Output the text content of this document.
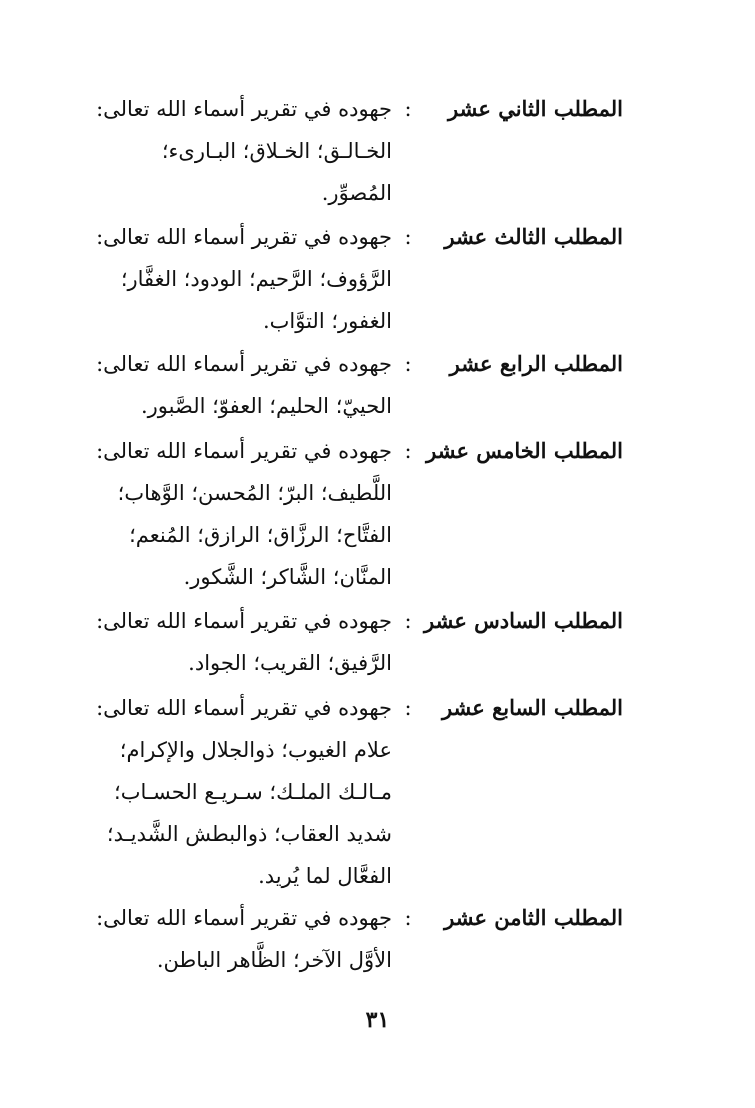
المطلب الثاني عشر
:
جهوده في تقرير أسماء الله تعالى:
الخـالـق؛ الخـلاق؛ البـارىء؛
المُصوِّر.
المطلب الثالث عشر
:
جهوده في تقرير أسماء الله تعالى:
الرَّؤوف؛ الرَّحيم؛ الودود؛ الغفَّار؛
الغفور؛ التوَّاب.
المطلب الرابع عشر
:
جهوده في تقرير أسماء الله تعالى:
الحييّ؛ الحليم؛ العفوّ؛ الصَّبور.
المطلب الخامس عشر
:
جهوده في تقرير أسماء الله تعالى:
اللَّطيف؛ البرّ؛ المُحسن؛ الوَّهاب؛
الفتَّاح؛ الرزَّاق؛ الرازق؛ المُنعم؛
المنَّان؛ الشَّاكر؛ الشَّكور.
المطلب السادس عشر
:
جهوده في تقرير أسماء الله تعالى:
الرَّفيق؛ القريب؛ الجواد.
المطلب السابع عشر
:
جهوده في تقرير أسماء الله تعالى:
علام الغيوب؛ ذوالجلال والإكرام؛
مـالـك الملـك؛ سـريـع الحسـاب؛
شديد العقاب؛ ذوالبطش الشَّديـد؛
الفعَّال لما يُريد.
المطلب الثامن عشر
:
جهوده في تقرير أسماء الله تعالى:
الأوَّل الآخر؛ الظَّاهر الباطن.
٣١
